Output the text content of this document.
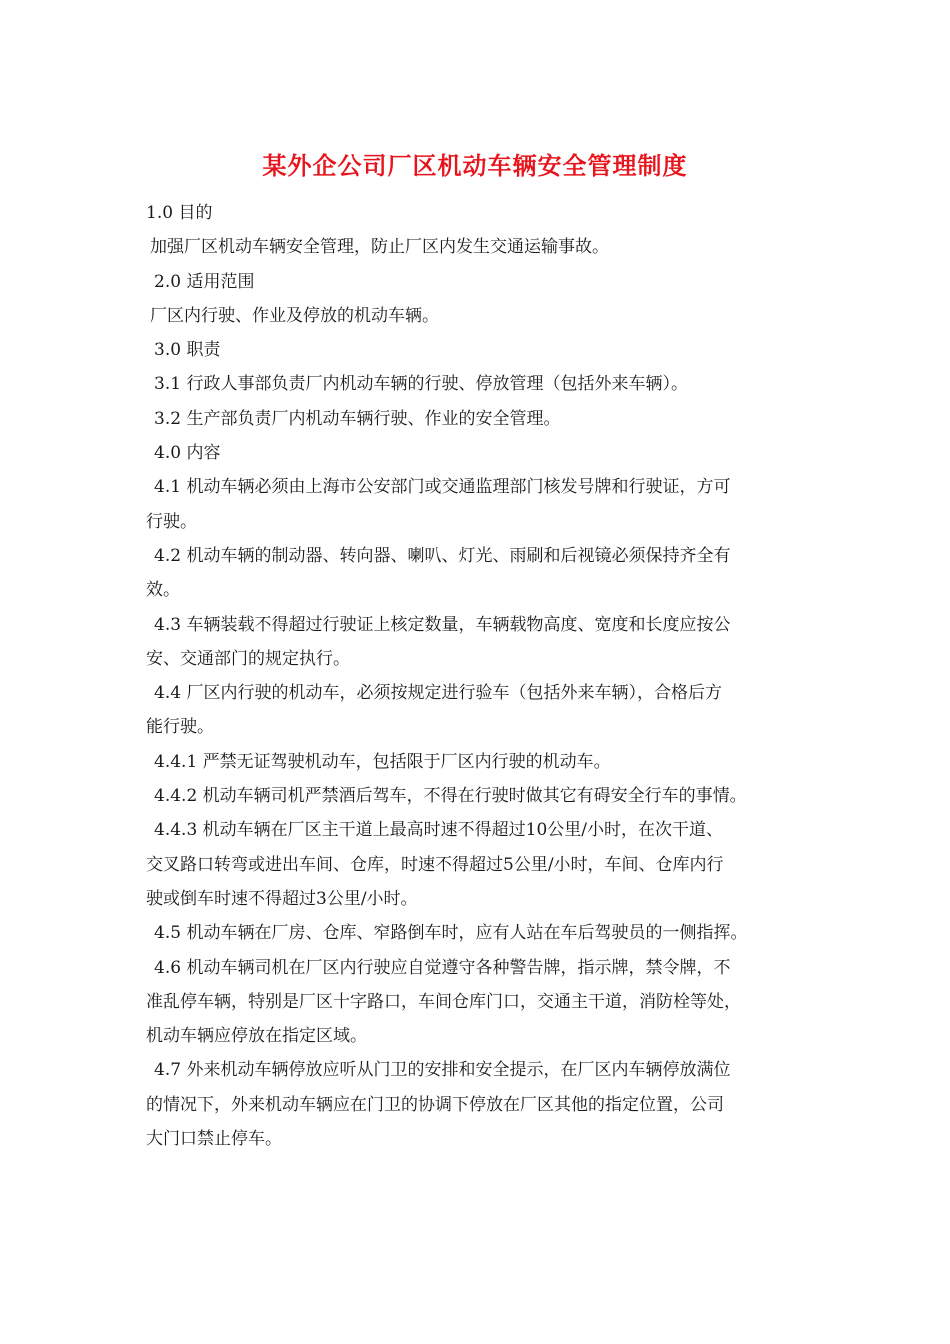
某外企公司厂区机动车辆安全管理制度
1.0 目的
加强厂区机动车辆安全管理，防止厂区内发生交通运输事故。
2.0 适用范围
厂区内行驶、作业及停放的机动车辆。
3.0 职责
3.1 行政人事部负责厂内机动车辆的行驶、停放管理（包括外来车辆）。
3.2 生产部负责厂内机动车辆行驶、作业的安全管理。
4.0 内容
4.1 机动车辆必须由上海市公安部门或交通监理部门核发号牌和行驶证，方可
行驶。
4.2 机动车辆的制动器、转向器、喇叭、灯光、雨刷和后视镜必须保持齐全有
效。
4.3 车辆装载不得超过行驶证上核定数量，车辆载物高度、宽度和长度应按公
安、交通部门的规定执行。
4.4 厂区内行驶的机动车，必须按规定进行验车（包括外来车辆），合格后方
能行驶。
4.4.1 严禁无证驾驶机动车，包括限于厂区内行驶的机动车。
4.4.2 机动车辆司机严禁酒后驾车，不得在行驶时做其它有碍安全行车的事情。
4.4.3 机动车辆在厂区主干道上最高时速不得超过10公里/小时，在次干道、
交叉路口转弯或进出车间、仓库，时速不得超过5公里/小时，车间、仓库内行
驶或倒车时速不得超过3公里/小时。
4.5 机动车辆在厂房、仓库、窄路倒车时，应有人站在车后驾驶员的一侧指挥。
4.6 机动车辆司机在厂区内行驶应自觉遵守各种警告牌，指示牌，禁令牌，不
准乱停车辆，特别是厂区十字路口，车间仓库门口，交通主干道，消防栓等处，
机动车辆应停放在指定区域。
4.7 外来机动车辆停放应听从门卫的安排和安全提示，在厂区内车辆停放满位
的情况下，外来机动车辆应在门卫的协调下停放在厂区其他的指定位置，公司
大门口禁止停车。
